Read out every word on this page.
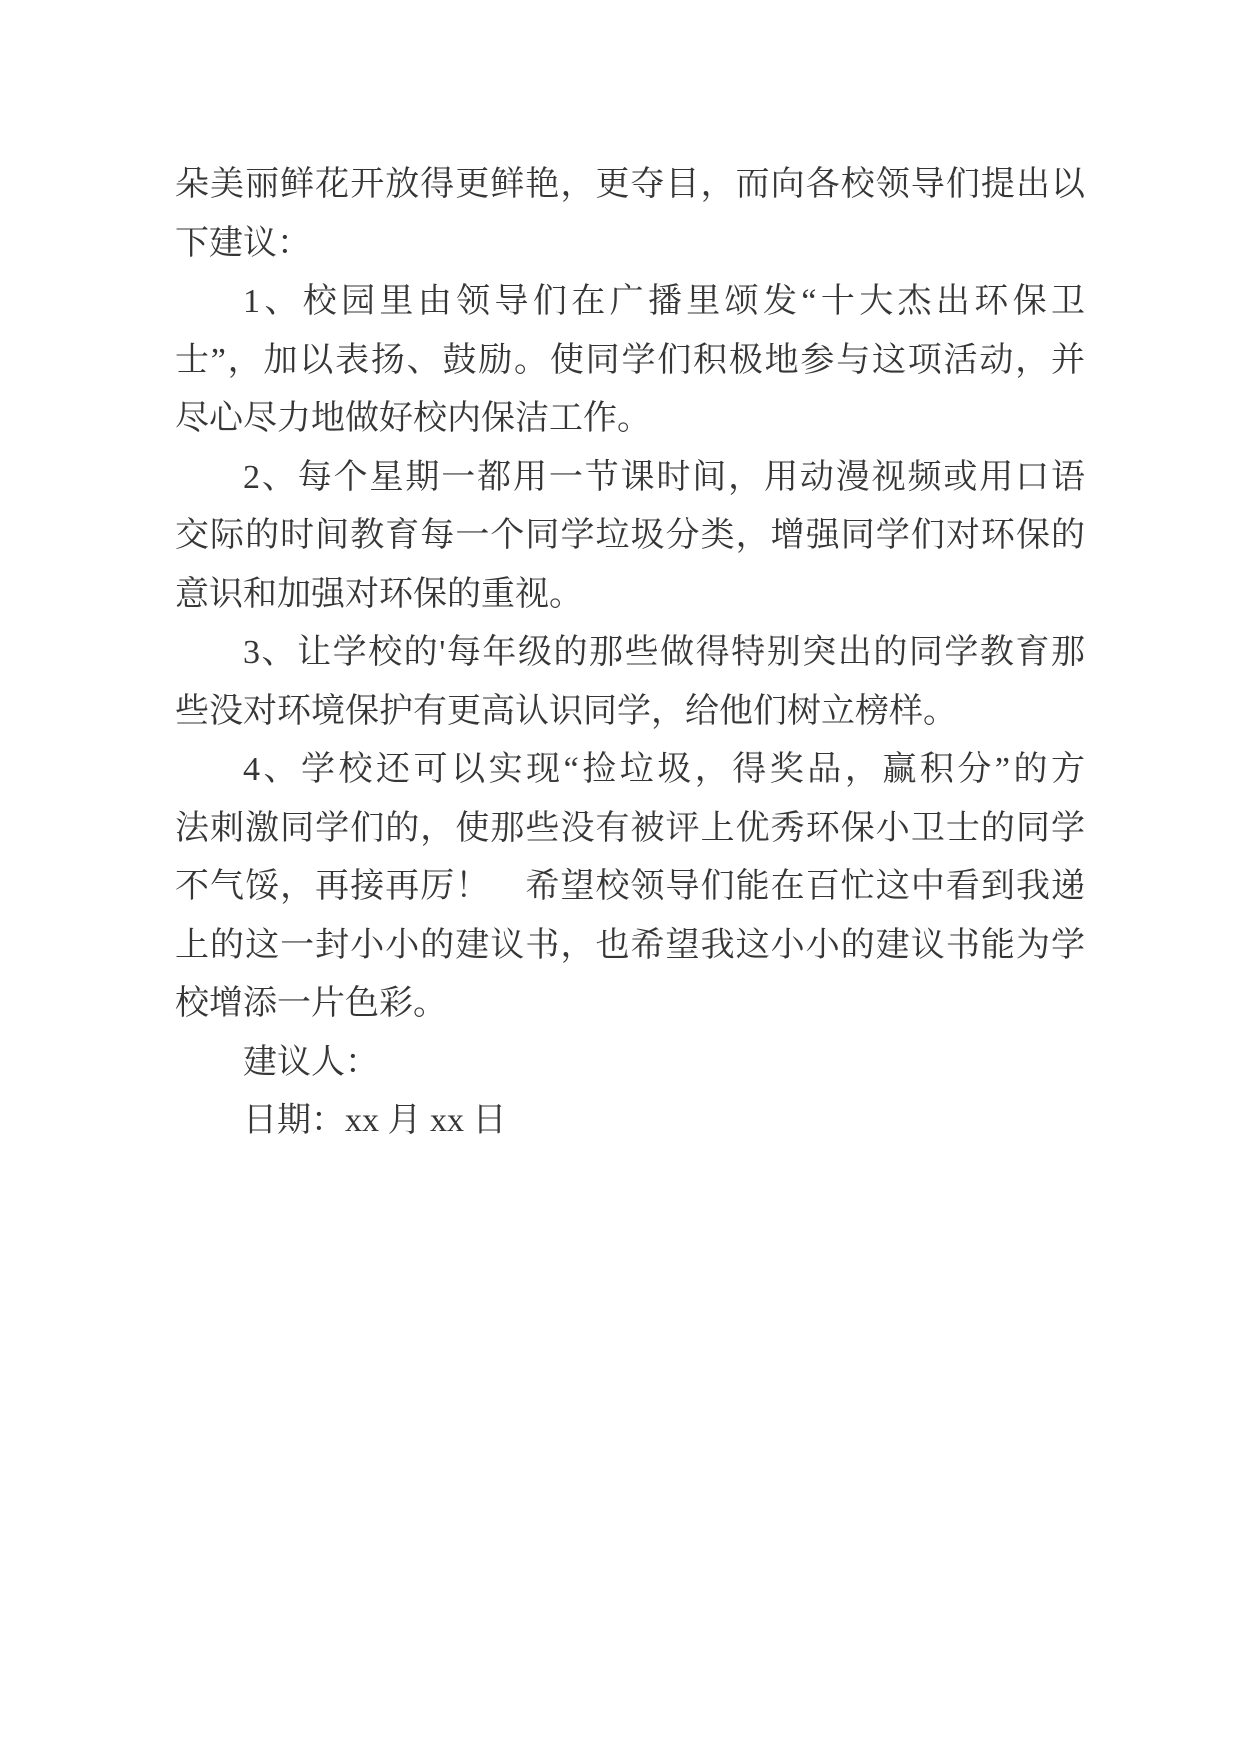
朵美丽鲜花开放得更鲜艳，更夺目，而向各校领导们提出以
下建议：
1、校园里由领导们在广播里颂发“十大杰出环保卫
士”，加以表扬、鼓励。使同学们积极地参与这项活动，并
尽心尽力地做好校内保洁工作。
2、每个星期一都用一节课时间，用动漫视频或用口语
交际的时间教育每一个同学垃圾分类，增强同学们对环保的
意识和加强对环保的重视。
3、让学校的'每年级的那些做得特别突出的同学教育那
些没对环境保护有更高认识同学，给他们树立榜样。
4、学校还可以实现“捡垃圾，得奖品，赢积分”的方
法刺激同学们的，使那些没有被评上优秀环保小卫士的同学
不气馁，再接再厉！　希望校领导们能在百忙这中看到我递
上的这一封小小的建议书，也希望我这小小的建议书能为学
校增添一片色彩。
建议人：
日期：xx 月 xx 日
